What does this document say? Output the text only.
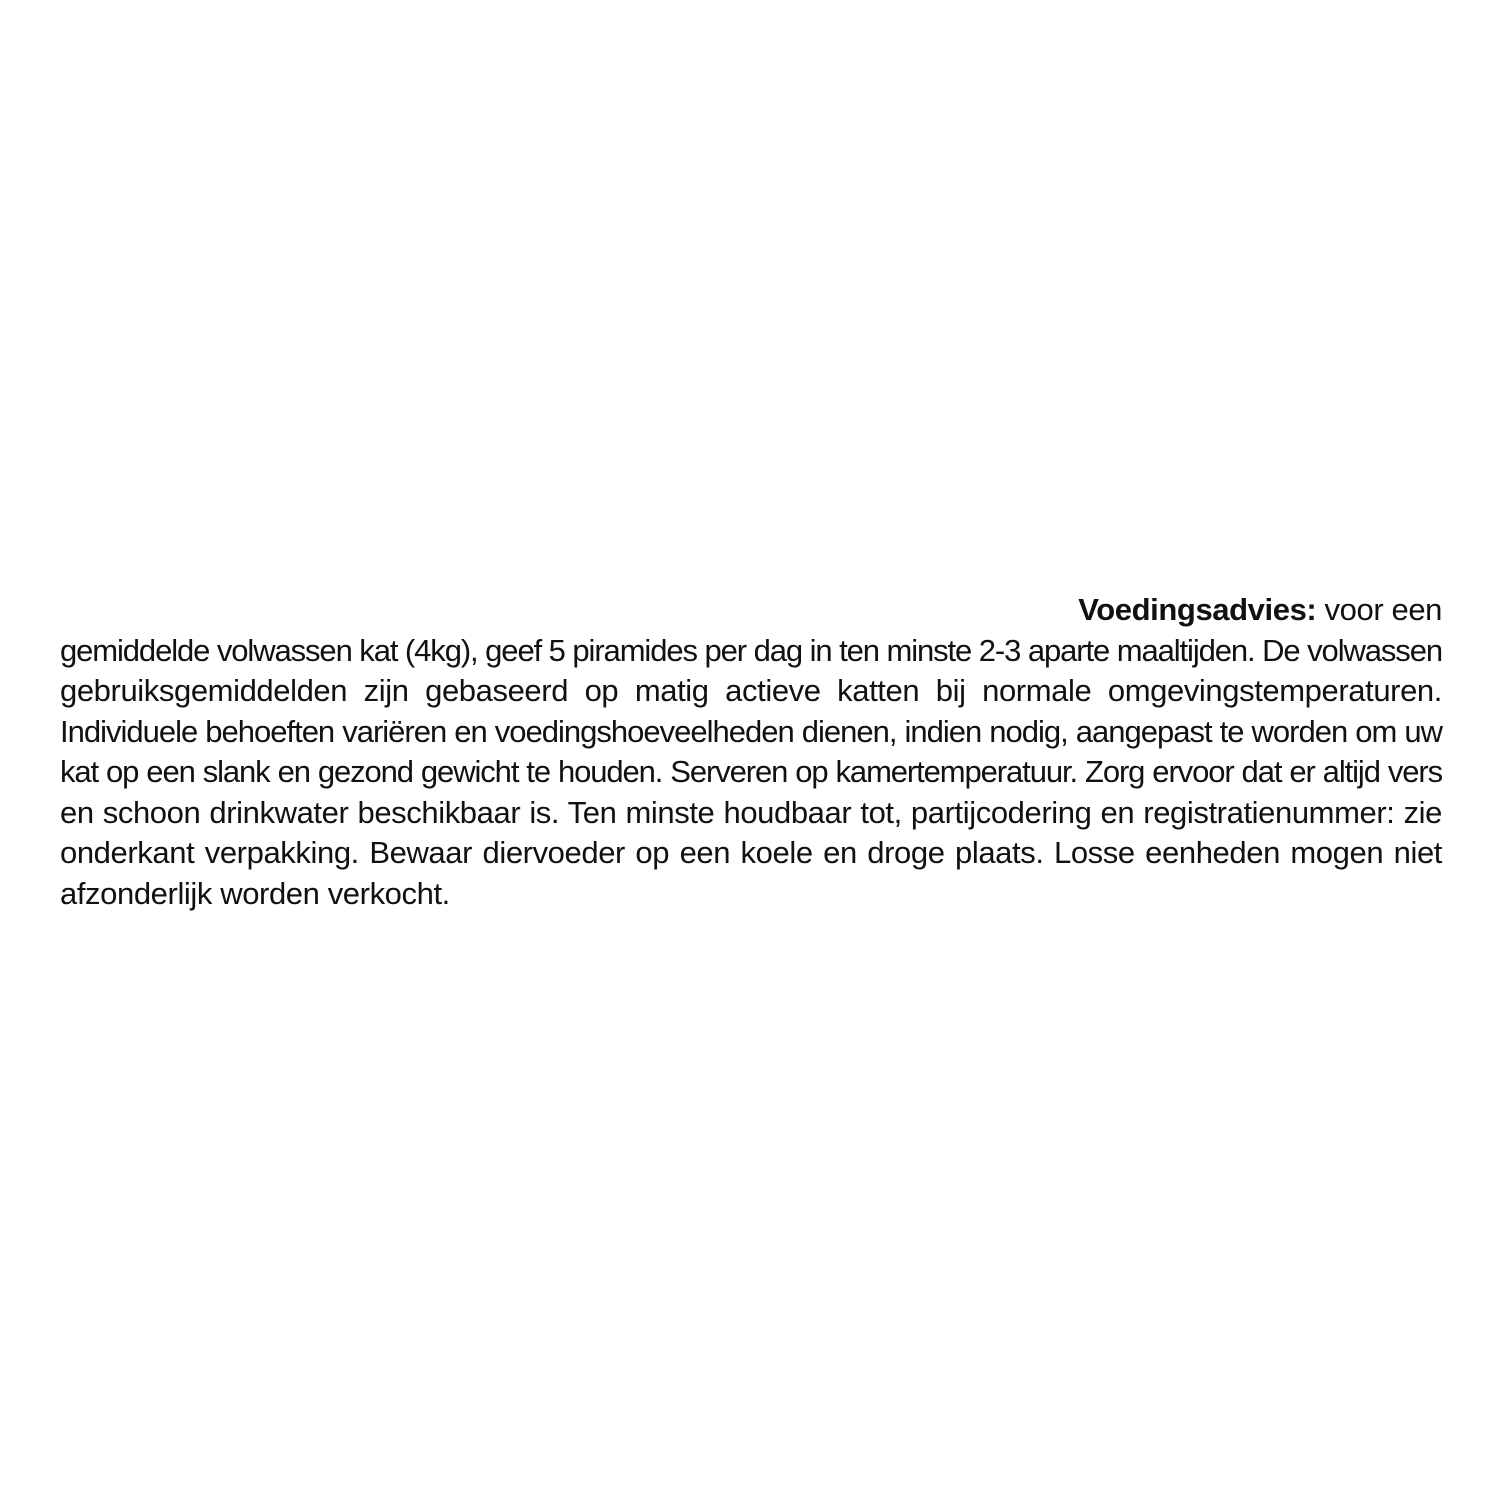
Voedingsadvies: voor een
gemiddelde volwassen kat (4kg), geef 5 piramides per dag in ten minste 2-3 aparte maaltijden. De volwassen
gebruiksgemiddelden zijn gebaseerd op matig actieve katten bij normale omgevingstemperaturen.
Individuele behoeften variëren en voedingshoeveelheden dienen, indien nodig, aangepast te worden om uw
kat op een slank en gezond gewicht te houden. Serveren op kamertemperatuur. Zorg ervoor dat er altijd vers
en schoon drinkwater beschikbaar is. Ten minste houdbaar tot, partijcodering en registratienummer: zie
onderkant verpakking. Bewaar diervoeder op een koele en droge plaats. Losse eenheden mogen niet
afzonderlijk worden verkocht.
